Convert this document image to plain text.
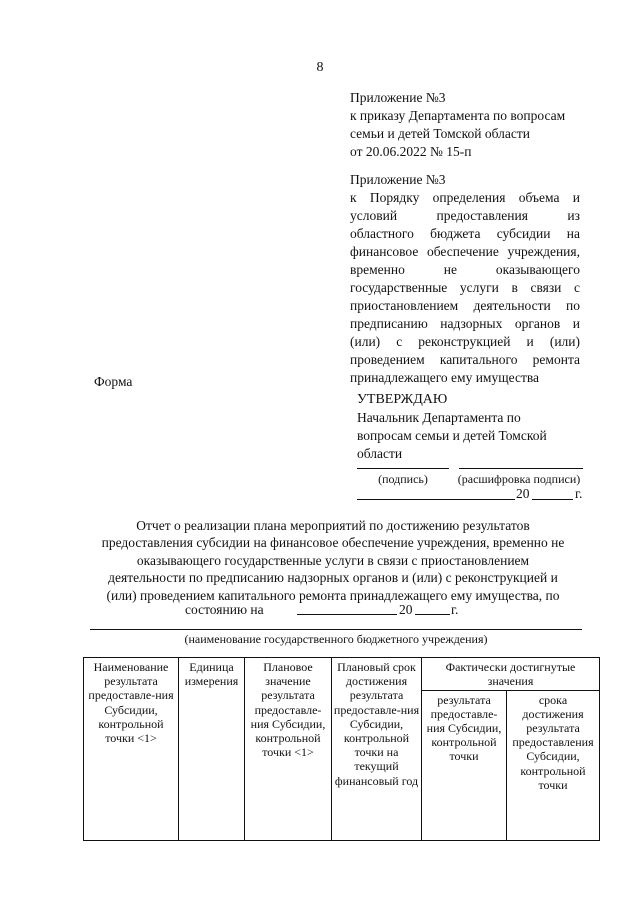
8
Приложение №3
к приказу Департамента по вопросам
семьи и детей Томской области
от 20.06.2022 № 15-п
Приложение №3
к Порядку определения объема и
условий предоставления из
областного бюджета субсидии на
финансовое обеспечение учреждения,
временно не оказывающего
государственные услуги в связи с
приостановлением деятельности по
предписанию надзорных органов и
(или) с реконструкцией и (или)
проведением капитального ремонта
принадлежащего ему имущества
Форма
УТВЕРЖДАЮ
Начальник Департамента по
вопросам семьи и детей Томской
области
(подпись)	(расшифровка подписи)
20	г.
Отчет о реализации плана мероприятий по достижению результатов
предоставления субсидии на финансовое обеспечение учреждения, временно не
оказывающего государственные услуги в связи с приостановлением
деятельности по предписанию надзорных органов и (или) с реконструкцией и
(или) проведением капитального ремонта принадлежащего ему имущества, по
состоянию на	20	г.
(наименование государственного бюджетного учреждения)
Наименование результата предоставле-ния Субсидии, контрольной точки <1>	Единица измерения	Плановое значение результата предоставле-ния Субсидии, контрольной точки <1>	Плановый срок достижения результата предоставле-ния Субсидии, контрольной точки на текущий финансовый год	Фактически достигнутые значения	
				результата предоставле-ния Субсидии, контрольной точки	срока достижения результата предоставления Субсидии, контрольной точки
